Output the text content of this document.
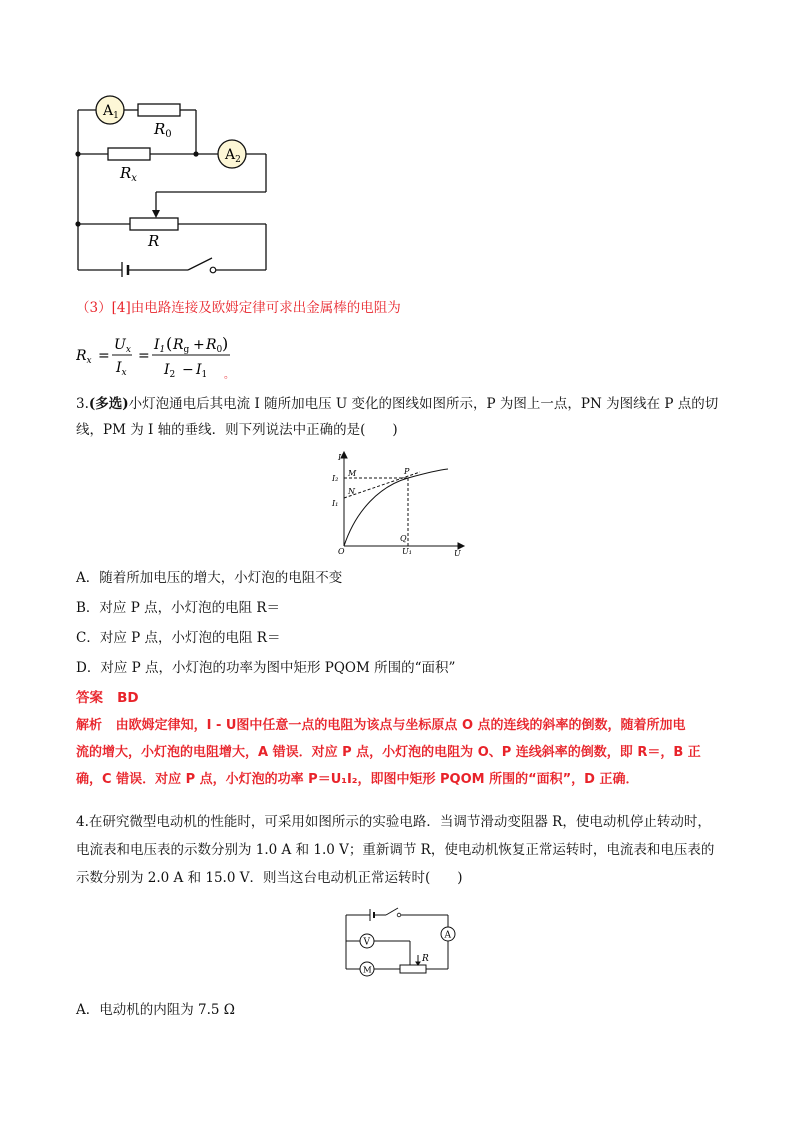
$A_1$
$A_2$
$R_0$
$R_x$
R
（3）[4]由电路连接及欧姆定律可求出金属棒的电阻为
$R_x$ =
$U_x$
$I_x$
=
$I_1$ ( $R_g + R_0$ )
$I_2 - I_1$ 。
3.(多选)小灯泡通电后其电流 I 随所加电压 U 变化的图线如图所示，P 为图上一点，PN 为图线在 P 点的切
线，PM 为 I 轴的垂线．则下列说法中正确的是(　　)
I
I₂
I₁
M
N
P
O
Q
U₁	U
A．随着所加电压的增大，小灯泡的电阻不变
B．对应 P 点，小灯泡的电阻 R＝
C．对应 P 点，小灯泡的电阻 R＝
D．对应 P 点，小灯泡的功率为图中矩形 PQOM 所围的“面积”
答案 BD
解析 由欧姆定律知，I - U图中任意一点的电阻为该点与坐标原点 O 点的连线的斜率的倒数，随着所加电
流的增大，小灯泡的电阻增大，A 错误．对应 P 点，小灯泡的电阻为 O、P 连线斜率的倒数，即 R＝，B 正
确，C 错误．对应 P 点，小灯泡的功率 P＝U₁I₂，即图中矩形 PQOM 所围的“面积”，D 正确．
4.在研究微型电动机的性能时，可采用如图所示的实验电路．当调节滑动变阻器 R，使电动机停止转动时，
电流表和电压表的示数分别为 1.0 A 和 1.0 V；重新调节 R，使电动机恢复正常运转时，电流表和电压表的
示数分别为 2.0 A 和 15.0 V．则当这台电动机正常运转时(　　)
V
A
M
R
A．电动机的内阻为 7.5 Ω
